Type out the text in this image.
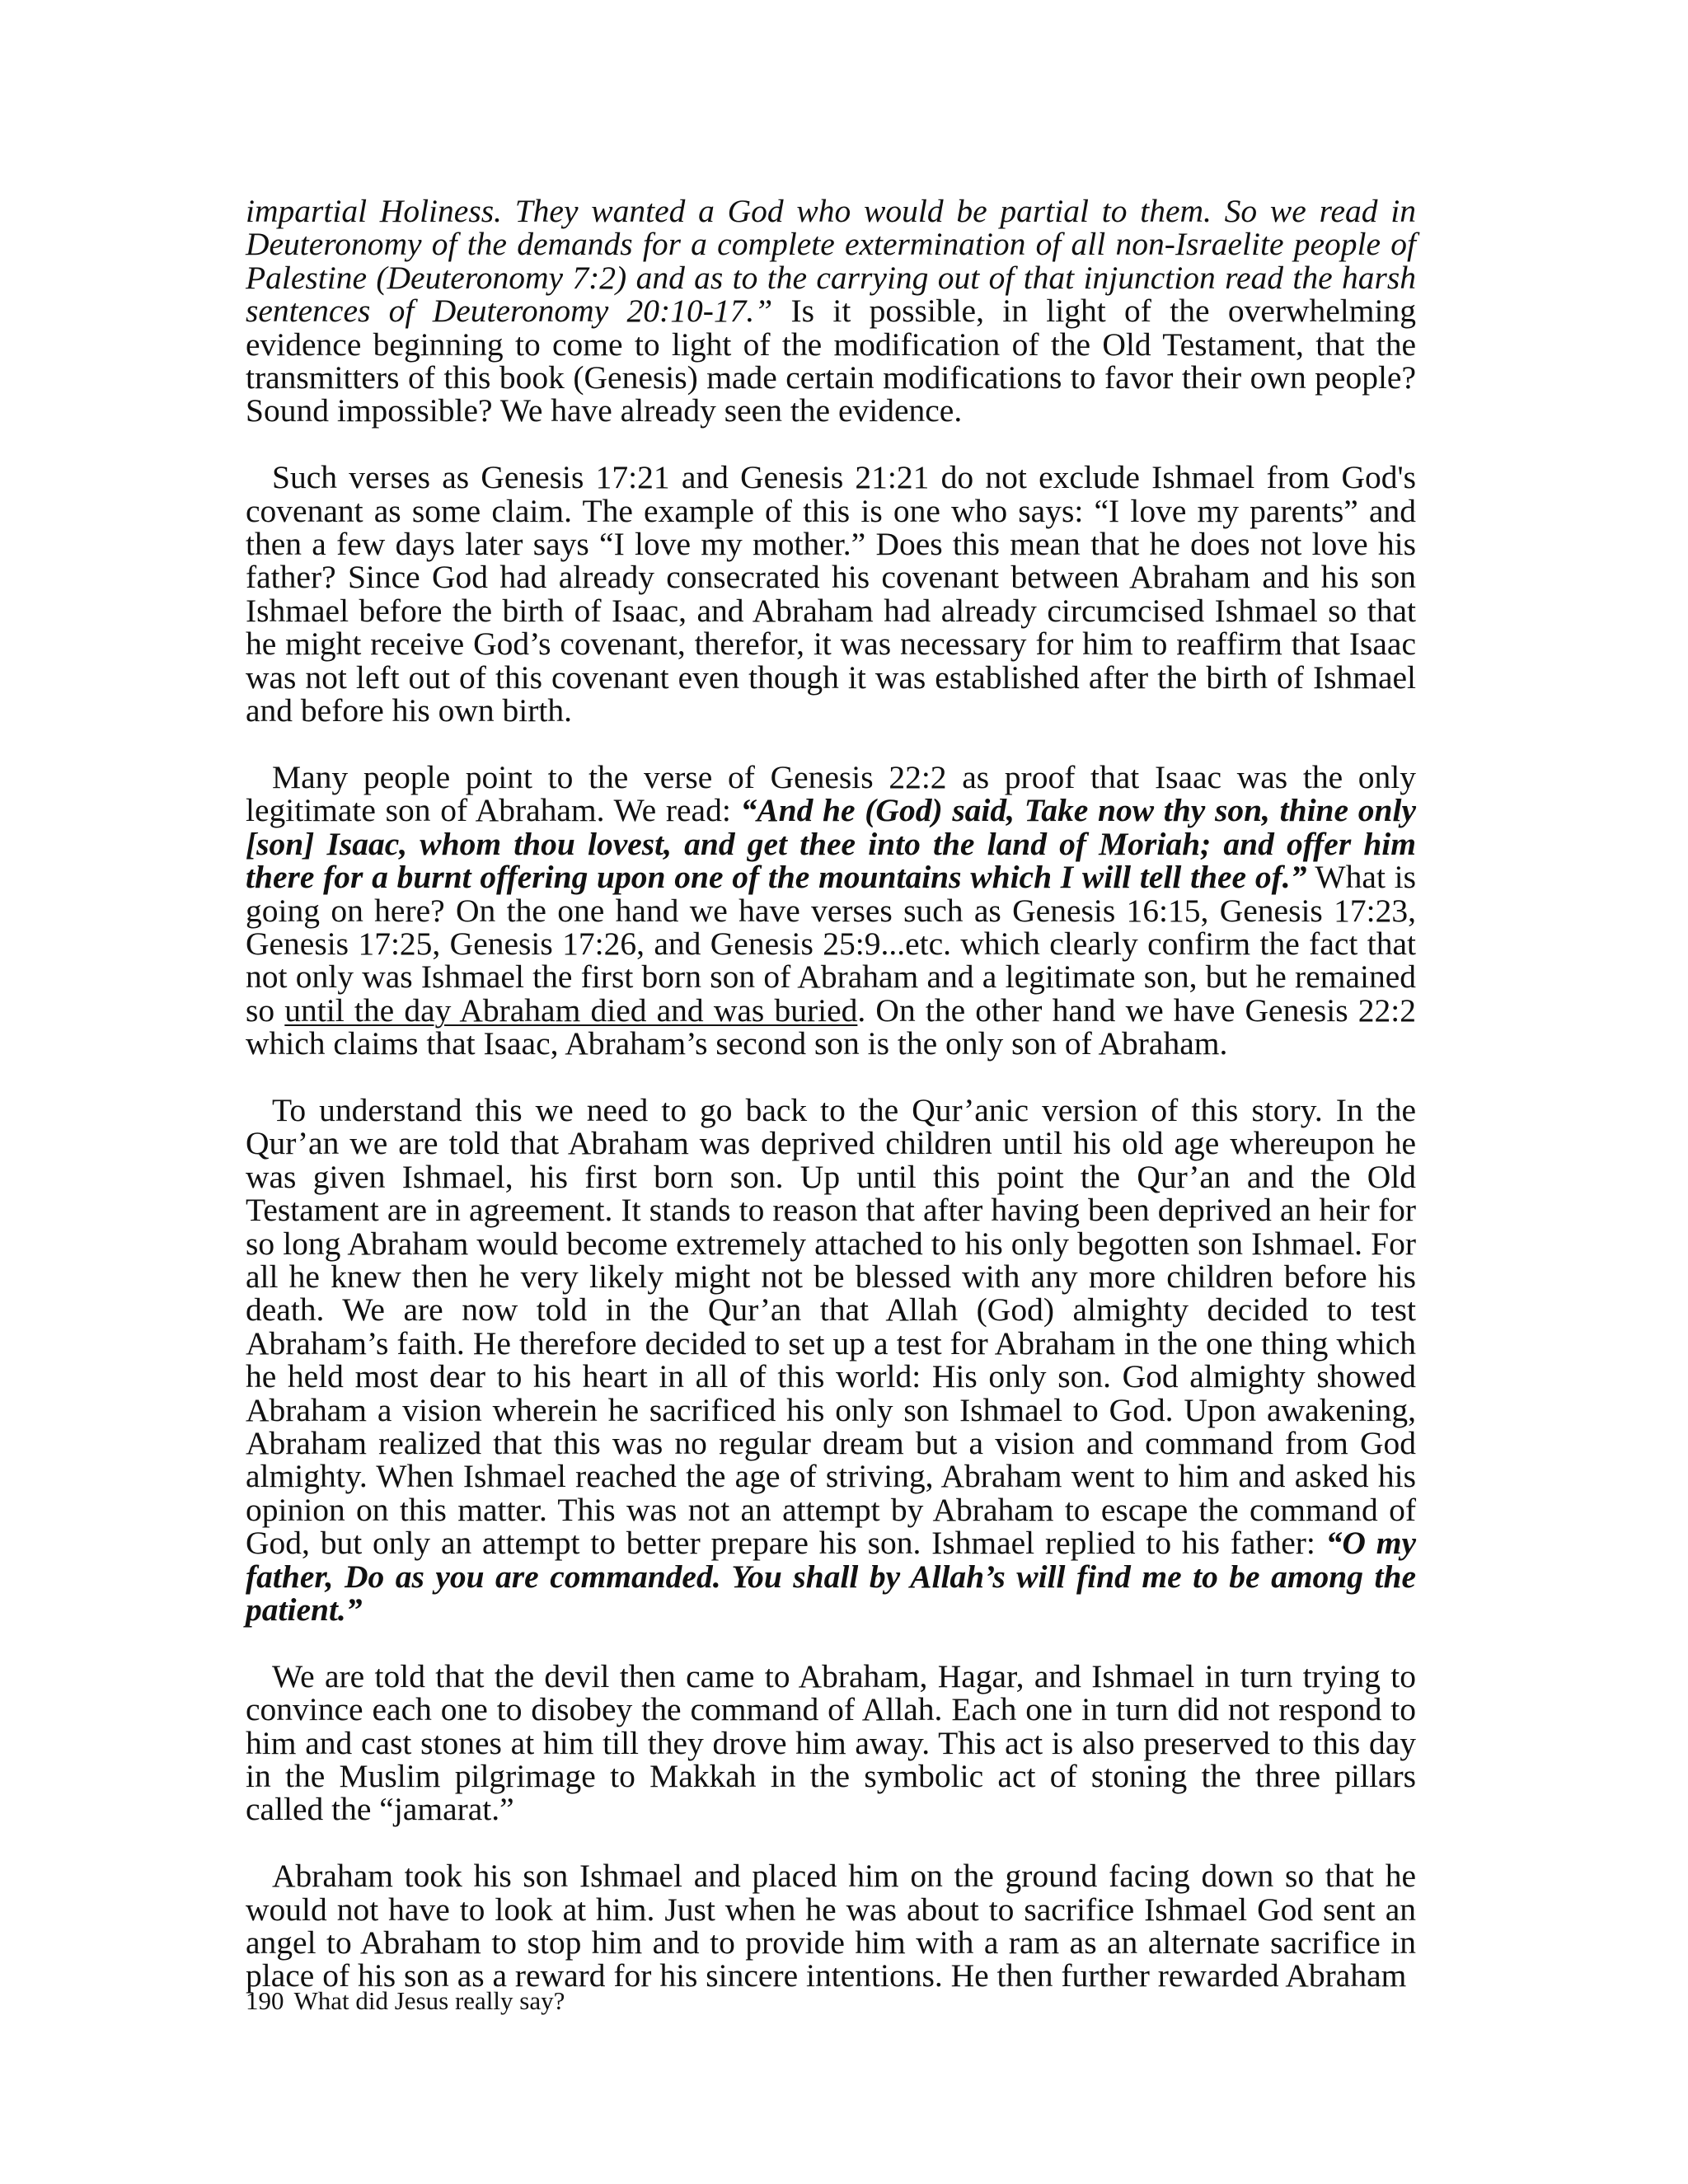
impartial Holiness. They wanted a God who would be partial to them. So we read in Deuteronomy of the demands for a complete extermination of all non-Israelite people of Palestine (Deuteronomy 7:2) and as to the carrying out of that injunction read the harsh sentences of Deuteronomy 20:10-17.” Is it possible, in light of the overwhelming evidence beginning to come to light of the modification of the Old Testament, that the transmitters of this book (Genesis) made certain modifications to favor their own people? Sound impossible? We have already seen the evidence.

Such verses as Genesis 17:21 and Genesis 21:21 do not exclude Ishmael from God's covenant as some claim. The example of this is one who says: “I love my parents” and then a few days later says “I love my mother.” Does this mean that he does not love his father? Since God had already consecrated his covenant between Abraham and his son Ishmael before the birth of Isaac, and Abraham had already circumcised Ishmael so that he might receive God’s covenant, therefor, it was necessary for him to reaffirm that Isaac was not left out of this covenant even though it was established after the birth of Ishmael and before his own birth.

Many people point to the verse of Genesis 22:2 as proof that Isaac was the only legitimate son of Abraham. We read: “And he (God) said, Take now thy son, thine only [son] Isaac, whom thou lovest, and get thee into the land of Moriah; and offer him there for a burnt offering upon one of the mountains which I will tell thee of.” What is going on here? On the one hand we have verses such as Genesis 16:15, Genesis 17:23, Genesis 17:25, Genesis 17:26, and Genesis 25:9...etc. which clearly confirm the fact that not only was Ishmael the first born son of Abraham and a legitimate son, but he remained so until the day Abraham died and was buried. On the other hand we have Genesis 22:2 which claims that Isaac, Abraham’s second son is the only son of Abraham.

To understand this we need to go back to the Qur’anic version of this story. In the Qur’an we are told that Abraham was deprived children until his old age whereupon he was given Ishmael, his first born son. Up until this point the Qur’an and the Old Testament are in agreement. It stands to reason that after having been deprived an heir for so long Abraham would become extremely attached to his only begotten son Ishmael. For all he knew then he very likely might not be blessed with any more children before his death. We are now told in the Qur’an that Allah (God) almighty decided to test Abraham’s faith. He therefore decided to set up a test for Abraham in the one thing which he held most dear to his heart in all of this world: His only son. God almighty showed Abraham a vision wherein he sacrificed his only son Ishmael to God. Upon awakening, Abraham realized that this was no regular dream but a vision and command from God almighty. When Ishmael reached the age of striving, Abraham went to him and asked his opinion on this matter. This was not an attempt by Abraham to escape the command of God, but only an attempt to better prepare his son. Ishmael replied to his father: “O my father, Do as you are commanded. You shall by Allah’s will find me to be among the patient.”

We are told that the devil then came to Abraham, Hagar, and Ishmael in turn trying to convince each one to disobey the command of Allah. Each one in turn did not respond to him and cast stones at him till they drove him away. This act is also preserved to this day in the Muslim pilgrimage to Makkah in the symbolic act of stoning the three pillars called the “jamarat.”

Abraham took his son Ishmael and placed him on the ground facing down so that he would not have to look at him. Just when he was about to sacrifice Ishmael God sent an angel to Abraham to stop him and to provide him with a ram as an alternate sacrifice in place of his son as a reward for his sincere intentions. He then further rewarded Abraham

190 What did Jesus really say?
